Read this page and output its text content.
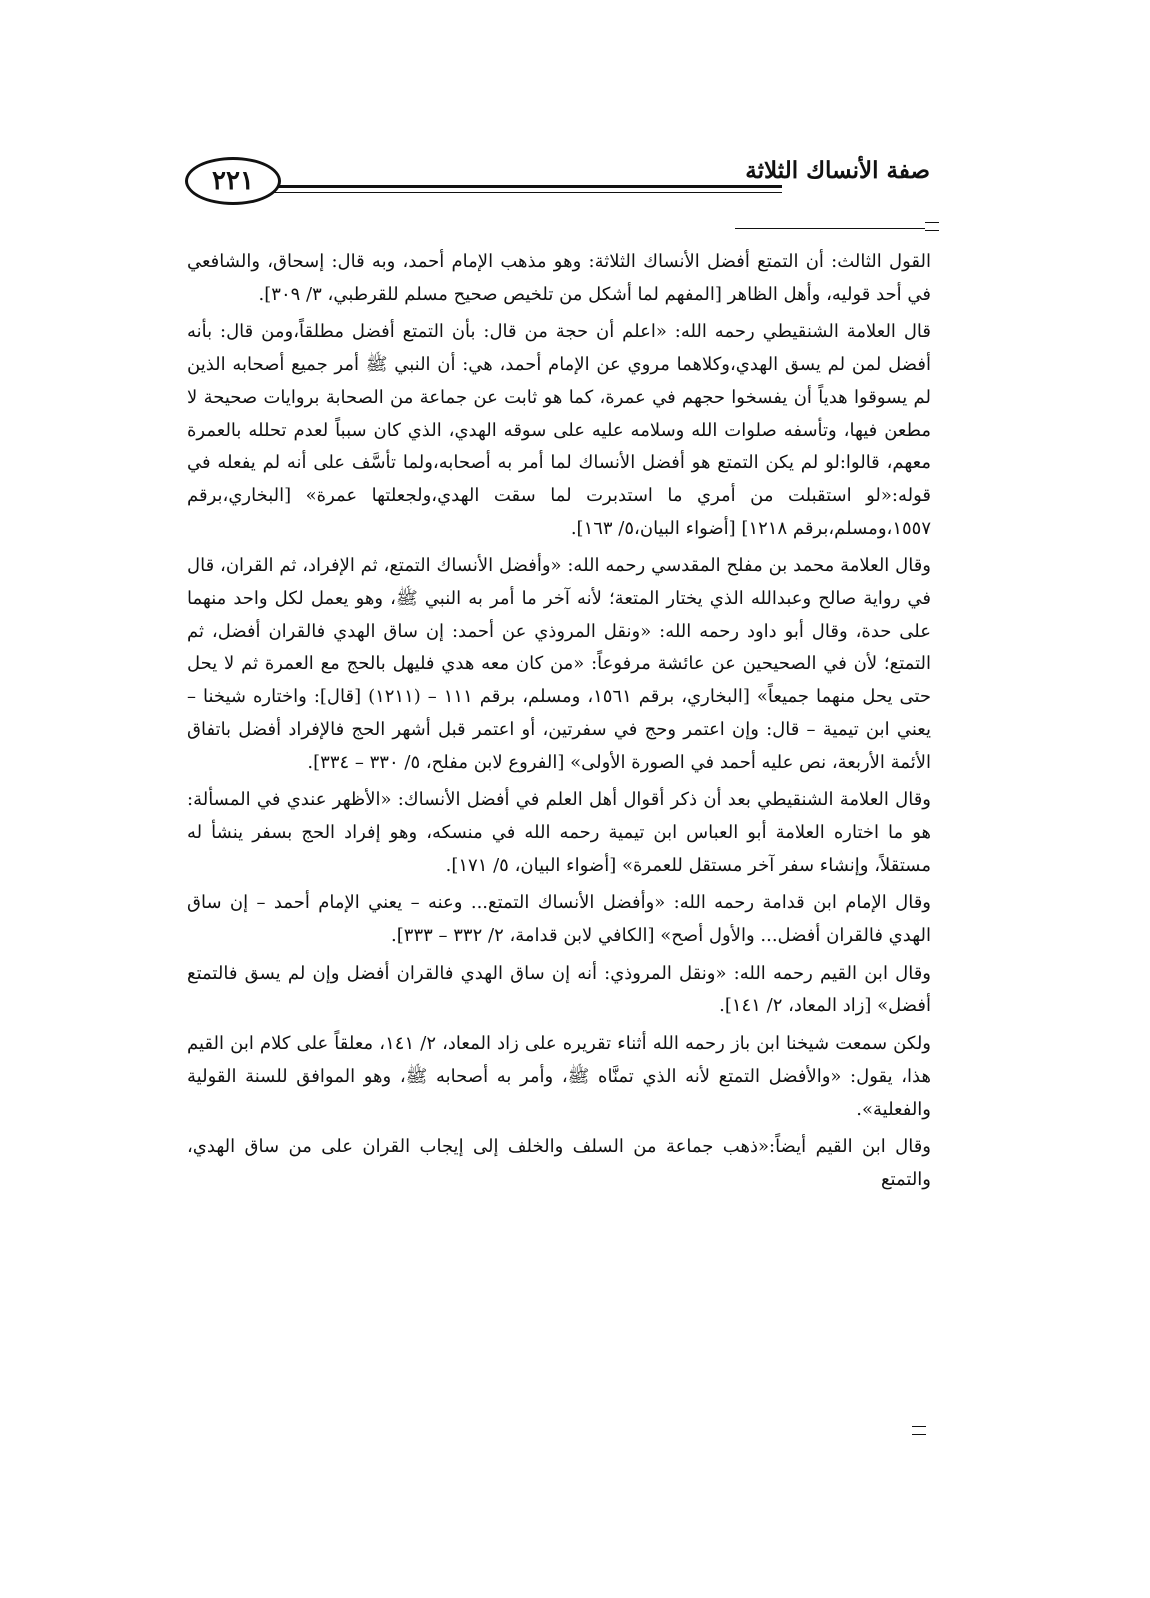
صفة الأنساك الثلاثة
٢٢١

القول الثالث: أن التمتع أفضل الأنساك الثلاثة: وهو مذهب الإمام أحمد، وبه قال: إسحاق، والشافعي في أحد قوليه، وأهل الظاهر [المفهم لما أشكل من تلخيص صحيح مسلم للقرطبي، ٣/ ٣٠٩].

قال العلامة الشنقيطي رحمه الله: «اعلم أن حجة من قال: بأن التمتع أفضل مطلقاً،ومن قال: بأنه أفضل لمن لم يسق الهدي،وكلاهما مروي عن الإمام أحمد، هي: أن النبي ﷺ أمر جميع أصحابه الذين لم يسوقوا هدياً أن يفسخوا حجهم في عمرة، كما هو ثابت عن جماعة من الصحابة بروايات صحيحة لا مطعن فيها، وتأسفه صلوات الله وسلامه عليه على سوقه الهدي، الذي كان سبباً لعدم تحلله بالعمرة معهم، قالوا:لو لم يكن التمتع هو أفضل الأنساك لما أمر به أصحابه،ولما تأسَّف على أنه لم يفعله في قوله:«لو استقبلت من أمري ما استدبرت لما سقت الهدي،ولجعلتها عمرة» [البخاري،برقم ١٥٥٧،ومسلم،برقم ١٢١٨] [أضواء البيان،٥/ ١٦٣].

وقال العلامة محمد بن مفلح المقدسي رحمه الله: «وأفضل الأنساك التمتع، ثم الإفراد، ثم القران، قال في رواية صالح وعبدالله الذي يختار المتعة؛ لأنه آخر ما أمر به النبي ﷺ، وهو يعمل لكل واحد منهما على حدة، وقال أبو داود رحمه الله: «ونقل المروذي عن أحمد: إن ساق الهدي فالقران أفضل، ثم التمتع؛ لأن في الصحيحين عن عائشة مرفوعاً: «من كان معه هدي فليهل بالحج مع العمرة ثم لا يحل حتى يحل منهما جميعاً» [البخاري، برقم ١٥٦١، ومسلم، برقم ١١١ – (١٢١١) [قال]: واختاره شيخنا – يعني ابن تيمية – قال: وإن اعتمر وحج في سفرتين، أو اعتمر قبل أشهر الحج فالإفراد أفضل باتفاق الأئمة الأربعة، نص عليه أحمد في الصورة الأولى» [الفروع لابن مفلح، ٥/ ٣٣٠ – ٣٣٤].

وقال العلامة الشنقيطي بعد أن ذكر أقوال أهل العلم في أفضل الأنساك: «الأظهر عندي في المسألة: هو ما اختاره العلامة أبو العباس ابن تيمية رحمه الله في منسكه، وهو إفراد الحج بسفر ينشأ له مستقلاً، وإنشاء سفر آخر مستقل للعمرة» [أضواء البيان، ٥/ ١٧١].

وقال الإمام ابن قدامة رحمه الله: «وأفضل الأنساك التمتع... وعنه – يعني الإمام أحمد – إن ساق الهدي فالقران أفضل... والأول أصح» [الكافي لابن قدامة، ٢/ ٣٣٢ – ٣٣٣].

وقال ابن القيم رحمه الله: «ونقل المروذي: أنه إن ساق الهدي فالقران أفضل وإن لم يسق فالتمتع أفضل» [زاد المعاد، ٢/ ١٤١].

ولكن سمعت شيخنا ابن باز رحمه الله أثناء تقريره على زاد المعاد، ٢/ ١٤١، معلقاً على كلام ابن القيم هذا، يقول: «والأفضل التمتع لأنه الذي تمنَّاه ﷺ، وأمر به أصحابه ﷺ، وهو الموافق للسنة القولية والفعلية».

وقال ابن القيم أيضاً:«ذهب جماعة من السلف والخلف إلى إيجاب القران على من ساق الهدي، والتمتع
